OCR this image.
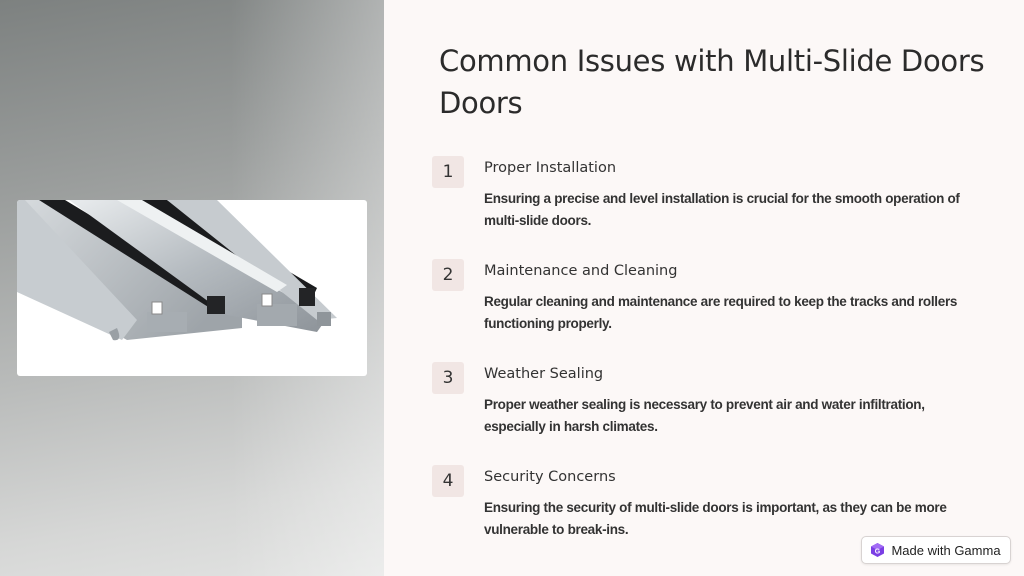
Common Issues with Multi-Slide Doors Doors
1	Proper Installation
Ensuring a precise and level installation is crucial for the smooth operation of multi-slide doors.
2	Maintenance and Cleaning
Regular cleaning and maintenance are required to keep the tracks and rollers functioning properly.
3	Weather Sealing
Proper weather sealing is necessary to prevent air and water infiltration, especially in harsh climates.
4	Security Concerns
Ensuring the security of multi-slide doors is important, as they can be more vulnerable to break-ins.
G Made with Gamma
